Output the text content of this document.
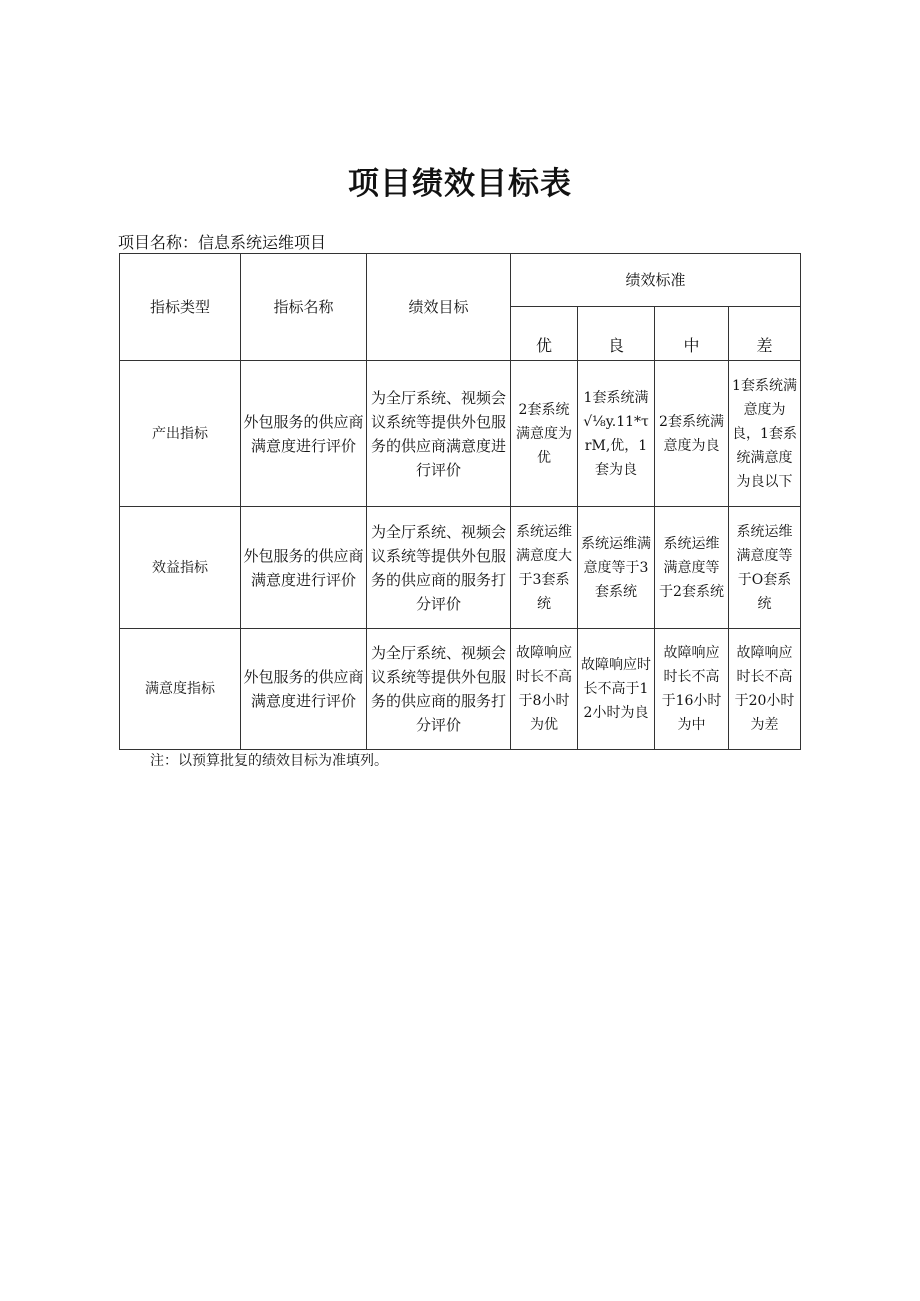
项目绩效目标表
项目名称：信息系统运维项目
指标类型	指标名称	绩效目标	绩效标准			
			优	良	中	差
产出指标	外包服务的供应商满意度进行评价	为全厅系统、视频会议系统等提供外包服务的供应商满意度进行评价	2套系统满意度为优	1套系统满√⅛y.11*τrM,优，1套为良	2套系统满意度为良	1套系统满意度为良，1套系统满意度为良以下
效益指标	外包服务的供应商满意度进行评价	为全厅系统、视频会议系统等提供外包服务的供应商的服务打分评价	系统运维满意度大于3套系统	系统运维满意度等于3套系统	系统运维满意度等于2套系统	系统运维满意度等于O套系统
满意度指标	外包服务的供应商满意度进行评价	为全厅系统、视频会议系统等提供外包服务的供应商的服务打分评价	故障响应时长不高于8小时为优	故障响应时长不高于12小时为良	故障响应时长不高于16小时为中	故障响应时长不高于20小时为差
注：以预算批复的绩效目标为准填列。
